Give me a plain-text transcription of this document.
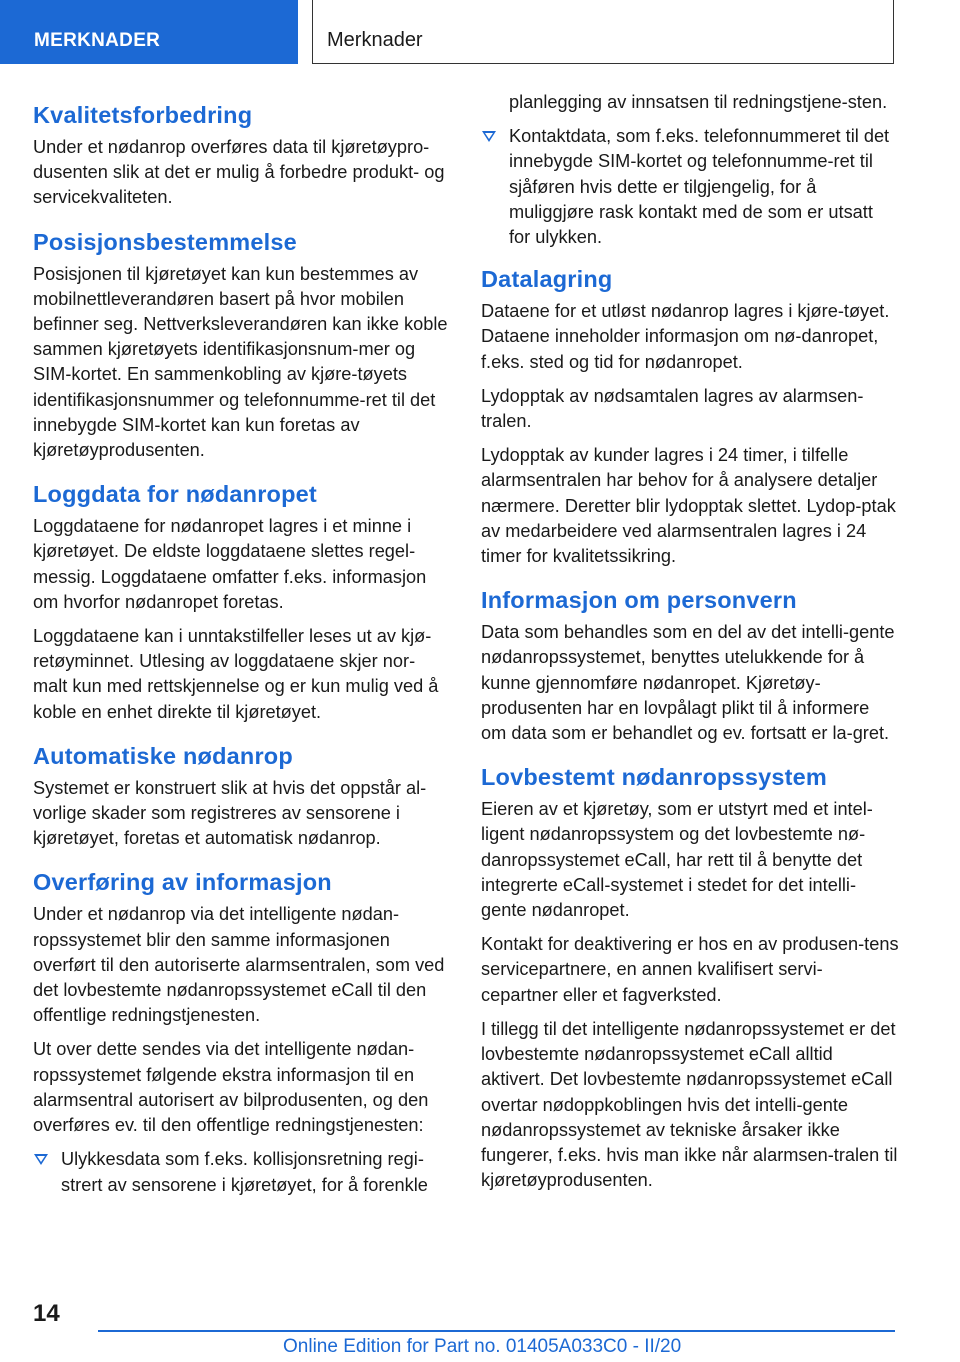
MERKNADER	Merknader
Kvalitetsforbedring

Under et nødanrop overføres data til kjøretøypro-dusenten slik at det er mulig å forbedre produkt- og servicekvaliteten.

Posisjonsbestemmelse

Posisjonen til kjøretøyet kan kun bestemmes av mobilnettleverandøren basert på hvor mobilen befinner seg. Nettverksleverandøren kan ikke koble sammen kjøretøyets identifikasjonsnum-mer og SIM-kortet. En sammenkobling av kjøre-tøyets identifikasjonsnummer og telefonnumme-ret til det innebygde SIM-kortet kan kun foretas av kjøretøyprodusenten.

Loggdata for nødanropet

Loggdataene for nødanropet lagres i et minne i kjøretøyet. De eldste loggdataene slettes regel-messig. Loggdataene omfatter f.eks. informasjon om hvorfor nødanropet foretas.

Loggdataene kan i unntakstilfeller leses ut av kjø-retøyminnet. Utlesing av loggdataene skjer nor-malt kun med rettskjennelse og er kun mulig ved å koble en enhet direkte til kjøretøyet.

Automatiske nødanrop

Systemet er konstruert slik at hvis det oppstår al-vorlige skader som registreres av sensorene i kjøretøyet, foretas et automatisk nødanrop.

Overføring av informasjon

Under et nødanrop via det intelligente nødan-ropssystemet blir den samme informasjonen overført til den autoriserte alarmsentralen, som ved det lovbestemte nødanropssystemet eCall til den offentlige redningstjenesten.

Ut over dette sendes via det intelligente nødan-ropssystemet følgende ekstra informasjon til en alarmsentral autorisert av bilprodusenten, og den overføres ev. til den offentlige redningstjenesten:

Ulykkesdata som f.eks. kollisjonsretning regi-strert av sensorene i kjøretøyet, for å forenkle

planlegging av innsatsen til redningstjene-sten.

Kontaktdata, som f.eks. telefonnummeret til det innebygde SIM-kortet og telefonnumme-ret til sjåføren hvis dette er tilgjengelig, for å muliggjøre rask kontakt med de som er utsatt for ulykken.
Datalagring

Dataene for et utløst nødanrop lagres i kjøre-tøyet. Dataene inneholder informasjon om nø-danropet, f.eks. sted og tid for nødanropet.

Lydopptak av nødsamtalen lagres av alarmsen-tralen.

Lydopptak av kunder lagres i 24 timer, i tilfelle alarmsentralen har behov for å analysere detaljer nærmere. Deretter blir lydopptak slettet. Lydop-ptak av medarbeidere ved alarmsentralen lagres i 24 timer for kvalitetssikring.

Informasjon om personvern

Data som behandles som en del av det intelli-gente nødanropssystemet, benyttes utelukkende for å kunne gjennomføre nødanropet. Kjøretøy-produsenten har en lovpålagt plikt til å informere om data som er behandlet og ev. fortsatt er la-gret.

Lovbestemt nødanropssystem

Eieren av et kjøretøy, som er utstyrt med et intel-ligent nødanropssystem og det lovbestemte nø-danropssystemet eCall, har rett til å benytte det integrerte eCall-systemet i stedet for det intelli-gente nødanropet.

Kontakt for deaktivering er hos en av produsen-tens servicepartnere, en annen kvalifisert servi-cepartner eller et fagverksted.

I tillegg til det intelligente nødanropssystemet er det lovbestemte nødanropssystemet eCall alltid aktivert. Det lovbestemte nødanropssystemet eCall overtar nødoppkoblingen hvis det intelli-gente nødanropssystemet av tekniske årsaker ikke fungerer, f.eks. hvis man ikke når alarmsen-tralen til kjøretøyprodusenten.

14
Online Edition for Part no. 01405A033C0 - II/20
